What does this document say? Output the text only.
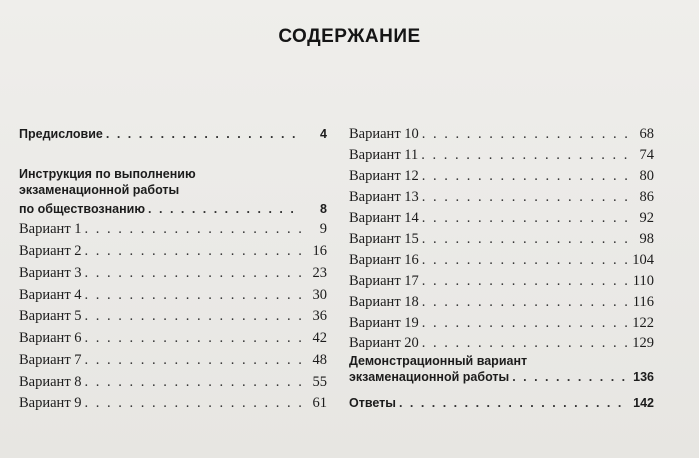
СОДЕРЖАНИЕ
Предисловие . . .	4
Инструкция по выполнению
экзаменационной работы
по обществознанию . . .	8
Вариант 1 . . .	9
Вариант 2 . . .	16
Вариант 3 . . .	23
Вариант 4 . . .	30
Вариант 5 . . .	36
Вариант 6 . . .	42
Вариант 7 . . .	48
Вариант 8 . . .	55
Вариант 9 . . .	61
Вариант 10 . . .	68
Вариант 11 . . .	74
Вариант 12 . . .	80
Вариант 13 . . .	86
Вариант 14 . . .	92
Вариант 15 . . .	98
Вариант 16 . . .	104
Вариант 17 . . .	110
Вариант 18 . . .	116
Вариант 19 . . .	122
Вариант 20 . . .	129
Демонстрационный вариант
экзаменационной работы . . .	136
Ответы . . .	142
